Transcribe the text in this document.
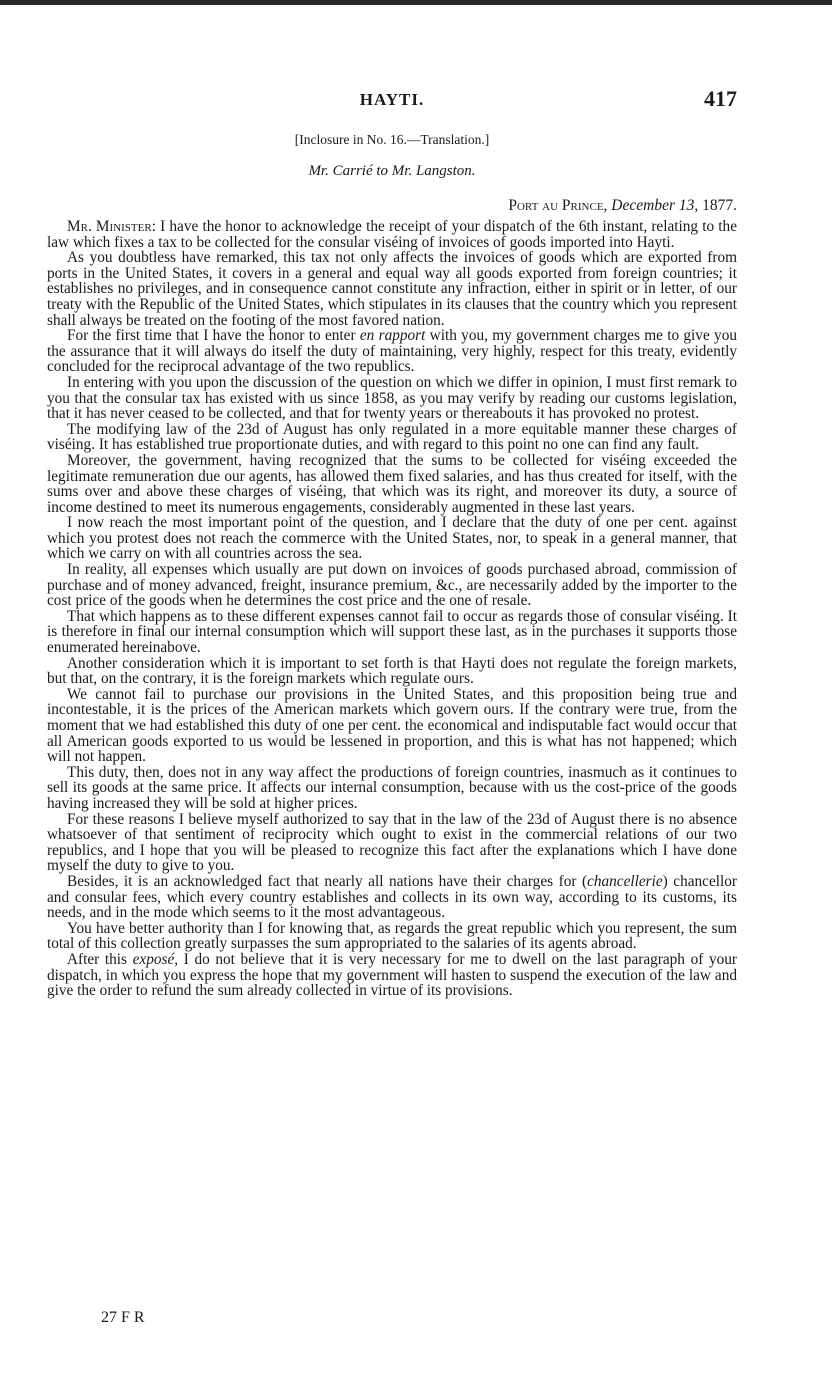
HAYTI.	417
[Inclosure in No. 16.—Translation.]
Mr. Carrié to Mr. Langston.
Port au Prince, December 13, 1877.

Mr. Minister: I have the honor to acknowledge the receipt of your dispatch of the 6th instant, relating to the law which fixes a tax to be collected for the consular viséing of invoices of goods imported into Hayti.

As you doubtless have remarked, this tax not only affects the invoices of goods which are exported from ports in the United States, it covers in a general and equal way all goods exported from foreign countries; it establishes no privileges, and in consequence cannot constitute any infraction, either in spirit or in letter, of our treaty with the Republic of the United States, which stipulates in its clauses that the country which you represent shall always be treated on the footing of the most favored nation.

For the first time that I have the honor to enter en rapport with you, my government charges me to give you the assurance that it will always do itself the duty of maintaining, very highly, respect for this treaty, evidently concluded for the reciprocal advantage of the two republics.

In entering with you upon the discussion of the question on which we differ in opinion, I must first remark to you that the consular tax has existed with us since 1858, as you may verify by reading our customs legislation, that it has never ceased to be collected, and that for twenty years or thereabouts it has provoked no protest.

The modifying law of the 23d of August has only regulated in a more equitable manner these charges of viséing. It has established true proportionate duties, and with regard to this point no one can find any fault.

Moreover, the government, having recognized that the sums to be collected for viséing exceeded the legitimate remuneration due our agents, has allowed them fixed salaries, and has thus created for itself, with the sums over and above these charges of viséing, that which was its right, and moreover its duty, a source of income destined to meet its numerous engagements, considerably augmented in these last years.

I now reach the most important point of the question, and I declare that the duty of one per cent. against which you protest does not reach the commerce with the United States, nor, to speak in a general manner, that which we carry on with all countries across the sea.

In reality, all expenses which usually are put down on invoices of goods purchased abroad, commission of purchase and of money advanced, freight, insurance premium, &c., are necessarily added by the importer to the cost price of the goods when he determines the cost price and the one of resale.

That which happens as to these different expenses cannot fail to occur as regards those of consular viséing. It is therefore in final our internal consumption which will support these last, as in the purchases it supports those enumerated hereinabove.

Another consideration which it is important to set forth is that Hayti does not regulate the foreign markets, but that, on the contrary, it is the foreign markets which regulate ours.

We cannot fail to purchase our provisions in the United States, and this proposition being true and incontestable, it is the prices of the American markets which govern ours. If the contrary were true, from the moment that we had established this duty of one per cent. the economical and indisputable fact would occur that all American goods exported to us would be lessened in proportion, and this is what has not happened; which will not happen.

This duty, then, does not in any way affect the productions of foreign countries, inasmuch as it continues to sell its goods at the same price. It affects our internal consumption, because with us the cost-price of the goods having increased they will be sold at higher prices.

For these reasons I believe myself authorized to say that in the law of the 23d of August there is no absence whatsoever of that sentiment of reciprocity which ought to exist in the commercial relations of our two republics, and I hope that you will be pleased to recognize this fact after the explanations which I have done myself the duty to give to you.

Besides, it is an acknowledged fact that nearly all nations have their charges for (chancellerie) chancellor and consular fees, which every country establishes and collects in its own way, according to its customs, its needs, and in the mode which seems to it the most advantageous.

You have better authority than I for knowing that, as regards the great republic which you represent, the sum total of this collection greatly surpasses the sum appropriated to the salaries of its agents abroad.

After this exposé, I do not believe that it is very necessary for me to dwell on the last paragraph of your dispatch, in which you express the hope that my government will hasten to suspend the execution of the law and give the order to refund the sum already collected in virtue of its provisions.

27 F R
